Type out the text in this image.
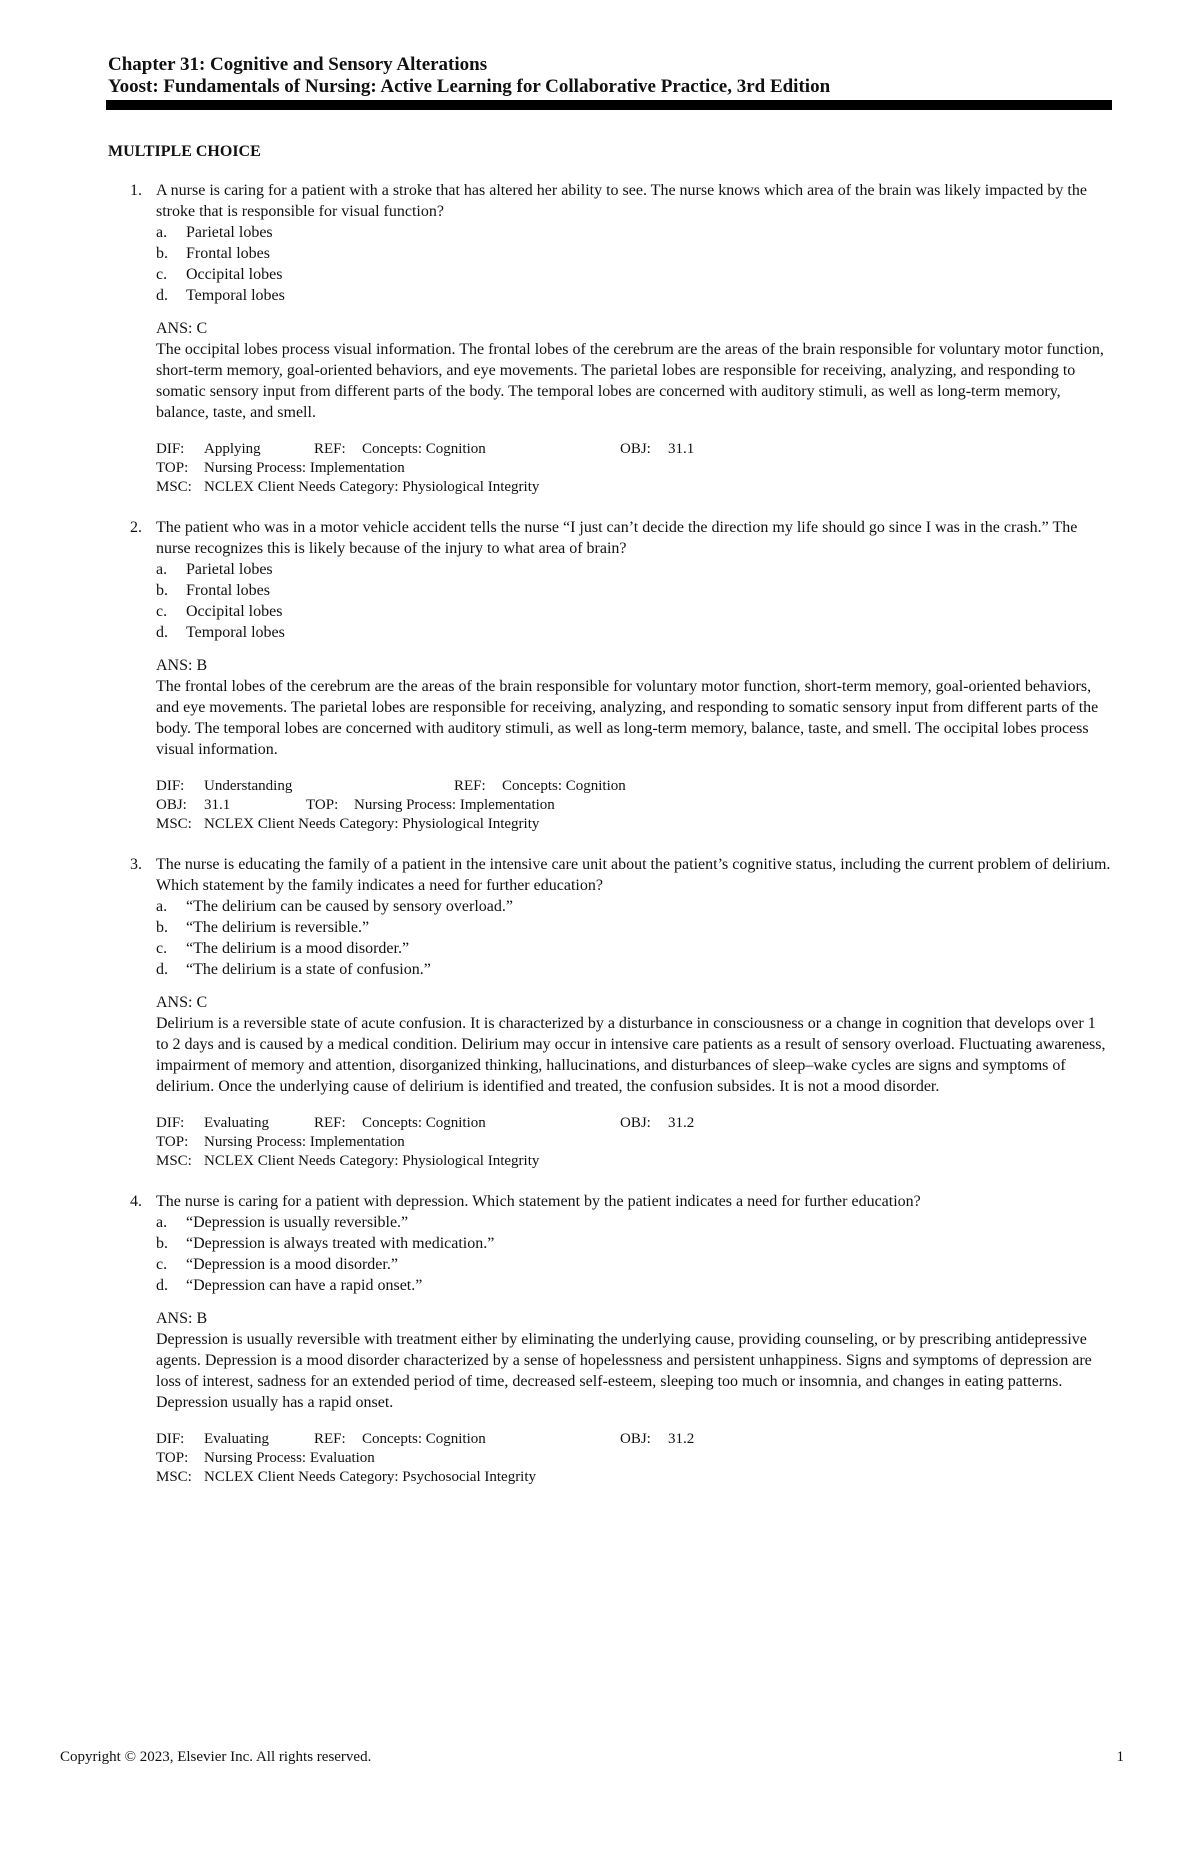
Chapter 31: Cognitive and Sensory Alterations
Yoost: Fundamentals of Nursing: Active Learning for Collaborative Practice, 3rd Edition
MULTIPLE CHOICE
1. A nurse is caring for a patient with a stroke that has altered her ability to see. The nurse knows which area of the brain was likely impacted by the stroke that is responsible for visual function?

a.	Parietal lobes
b.	Frontal lobes
c.	Occipital lobes
d.	Temporal lobes

ANS: C

The occipital lobes process visual information. The frontal lobes of the cerebrum are the areas of the brain responsible for voluntary motor function, short-term memory, goal-oriented behaviors, and eye movements. The parietal lobes are responsible for receiving, analyzing, and responding to somatic sensory input from different parts of the body. The temporal lobes are concerned with auditory stimuli, as well as long-term memory, balance, taste, and smell.

DIF:	Applying	REF:	Concepts: Cognition	OBJ:	31.1
TOP:	Nursing Process: Implementation
MSC: NCLEX Client Needs Category: Physiological Integrity
2. The patient who was in a motor vehicle accident tells the nurse “I just can’t decide the direction my life should go since I was in the crash.” The nurse recognizes this is likely because of the injury to what area of brain?

a.	Parietal lobes
b.	Frontal lobes
c.	Occipital lobes
d.	Temporal lobes

ANS: B

The frontal lobes of the cerebrum are the areas of the brain responsible for voluntary motor function, short-term memory, goal-oriented behaviors, and eye movements. The parietal lobes are responsible for receiving, analyzing, and responding to somatic sensory input from different parts of the body. The temporal lobes are concerned with auditory stimuli, as well as long-term memory, balance, taste, and smell. The occipital lobes process visual information.

DIF:	Understanding	REF:	Concepts: Cognition
OBJ:	31.1	TOP:	Nursing Process: Implementation
MSC: NCLEX Client Needs Category: Physiological Integrity
3. The nurse is educating the family of a patient in the intensive care unit about the patient’s cognitive status, including the current problem of delirium. Which statement by the family indicates a need for further education?

a.	“The delirium can be caused by sensory overload.”
b.	“The delirium is reversible.”
c.	“The delirium is a mood disorder.”
d.	“The delirium is a state of confusion.”

ANS: C

Delirium is a reversible state of acute confusion. It is characterized by a disturbance in consciousness or a change in cognition that develops over 1 to 2 days and is caused by a medical condition. Delirium may occur in intensive care patients as a result of sensory overload. Fluctuating awareness, impairment of memory and attention, disorganized thinking, hallucinations, and disturbances of sleep–wake cycles are signs and symptoms of delirium. Once the underlying cause of delirium is identified and treated, the confusion subsides. It is not a mood disorder.

DIF:	Evaluating	REF:	Concepts: Cognition	OBJ:	31.2
TOP:	Nursing Process: Implementation
MSC: NCLEX Client Needs Category: Physiological Integrity
4. The nurse is caring for a patient with depression. Which statement by the patient indicates a need for further education?

a.	“Depression is usually reversible.”
b.	“Depression is always treated with medication.”
c.	“Depression is a mood disorder.”
d.	“Depression can have a rapid onset.”

ANS: B

Depression is usually reversible with treatment either by eliminating the underlying cause, providing counseling, or by prescribing antidepressive agents. Depression is a mood disorder characterized by a sense of hopelessness and persistent unhappiness. Signs and symptoms of depression are loss of interest, sadness for an extended period of time, decreased self-esteem, sleeping too much or insomnia, and changes in eating patterns. Depression usually has a rapid onset.

DIF:	Evaluating	REF:	Concepts: Cognition	OBJ:	31.2
TOP:	Nursing Process: Evaluation
MSC: NCLEX Client Needs Category: Psychosocial Integrity
Copyright © 2023, Elsevier Inc. All rights reserved.	1
